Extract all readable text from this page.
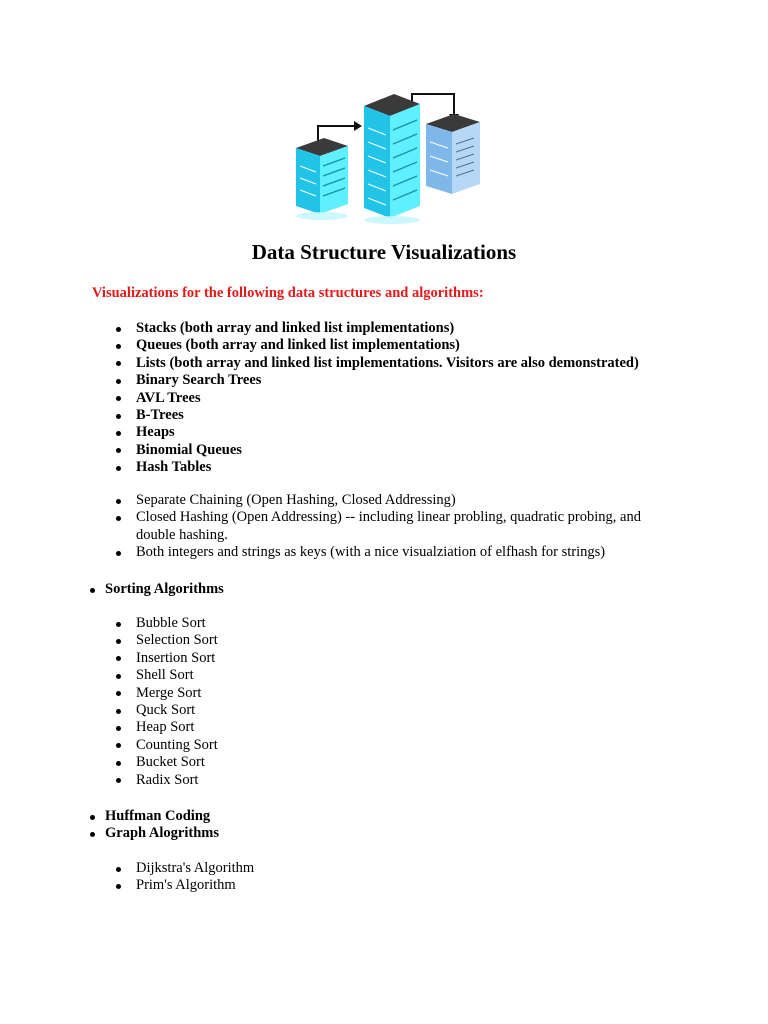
Data Structure Visualizations

Visualizations for the following data structures and algorithms:

Stacks (both array and linked list implementations)
Queues (both array and linked list implementations)
Lists (both array and linked list implementations. Visitors are also demonstrated)
Binary Search Trees
AVL Trees
B-Trees
Heaps
Binomial Queues
Hash Tables
Separate Chaining (Open Hashing, Closed Addressing)
Closed Hashing (Open Addressing) -- including linear probling, quadratic probing, and double hashing.
Both integers and strings as keys (with a nice visualziation of elfhash for strings)
Sorting Algorithms
Bubble Sort
Selection Sort
Insertion Sort
Shell Sort
Merge Sort
Quck Sort
Heap Sort
Counting Sort
Bucket Sort
Radix Sort
Huffman Coding
Graph Alogrithms
Dijkstra's Algorithm
Prim's Algorithm
